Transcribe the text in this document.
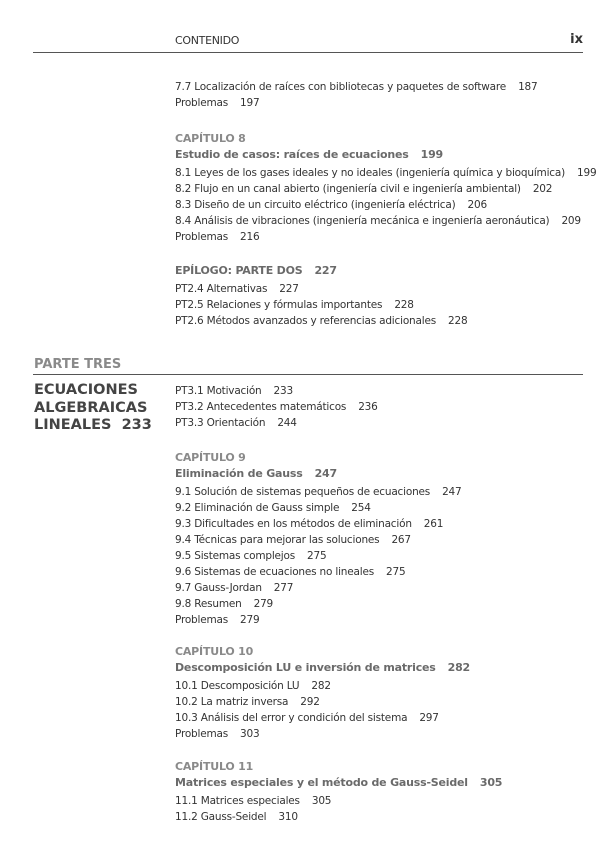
CONTENIDO	ix
7.7 Localización de raíces con bibliotecas y paquetes de software 187
Problemas 197
CAPÍTULO 8
Estudio de casos: raíces de ecuaciones 199
8.1 Leyes de los gases ideales y no ideales (ingeniería química y bioquímica) 199
8.2 Flujo en un canal abierto (ingeniería civil e ingeniería ambiental) 202
8.3 Diseño de un circuito eléctrico (ingeniería eléctrica) 206
8.4 Análisis de vibraciones (ingeniería mecánica e ingeniería aeronáutica) 209
Problemas 216
EPÍLOGO: PARTE DOS 227
PT2.4 Alternativas 227
PT2.5 Relaciones y fórmulas importantes 228
PT2.6 Métodos avanzados y referencias adicionales 228
PARTE TRES
ECUACIONES
ALGEBRAICAS
LINEALES 233
PT3.1 Motivación 233
PT3.2 Antecedentes matemáticos 236
PT3.3 Orientación 244
CAPÍTULO 9
Eliminación de Gauss 247
9.1 Solución de sistemas pequeños de ecuaciones 247
9.2 Eliminación de Gauss simple 254
9.3 Dificultades en los métodos de eliminación 261
9.4 Técnicas para mejorar las soluciones 267
9.5 Sistemas complejos 275
9.6 Sistemas de ecuaciones no lineales 275
9.7 Gauss-Jordan 277
9.8 Resumen 279
Problemas 279
CAPÍTULO 10
Descomposición LU e inversión de matrices 282
10.1 Descomposición LU 282
10.2 La matriz inversa 292
10.3 Análisis del error y condición del sistema 297
Problemas 303
CAPÍTULO 11
Matrices especiales y el método de Gauss-Seidel 305
11.1 Matrices especiales 305
11.2 Gauss-Seidel 310
